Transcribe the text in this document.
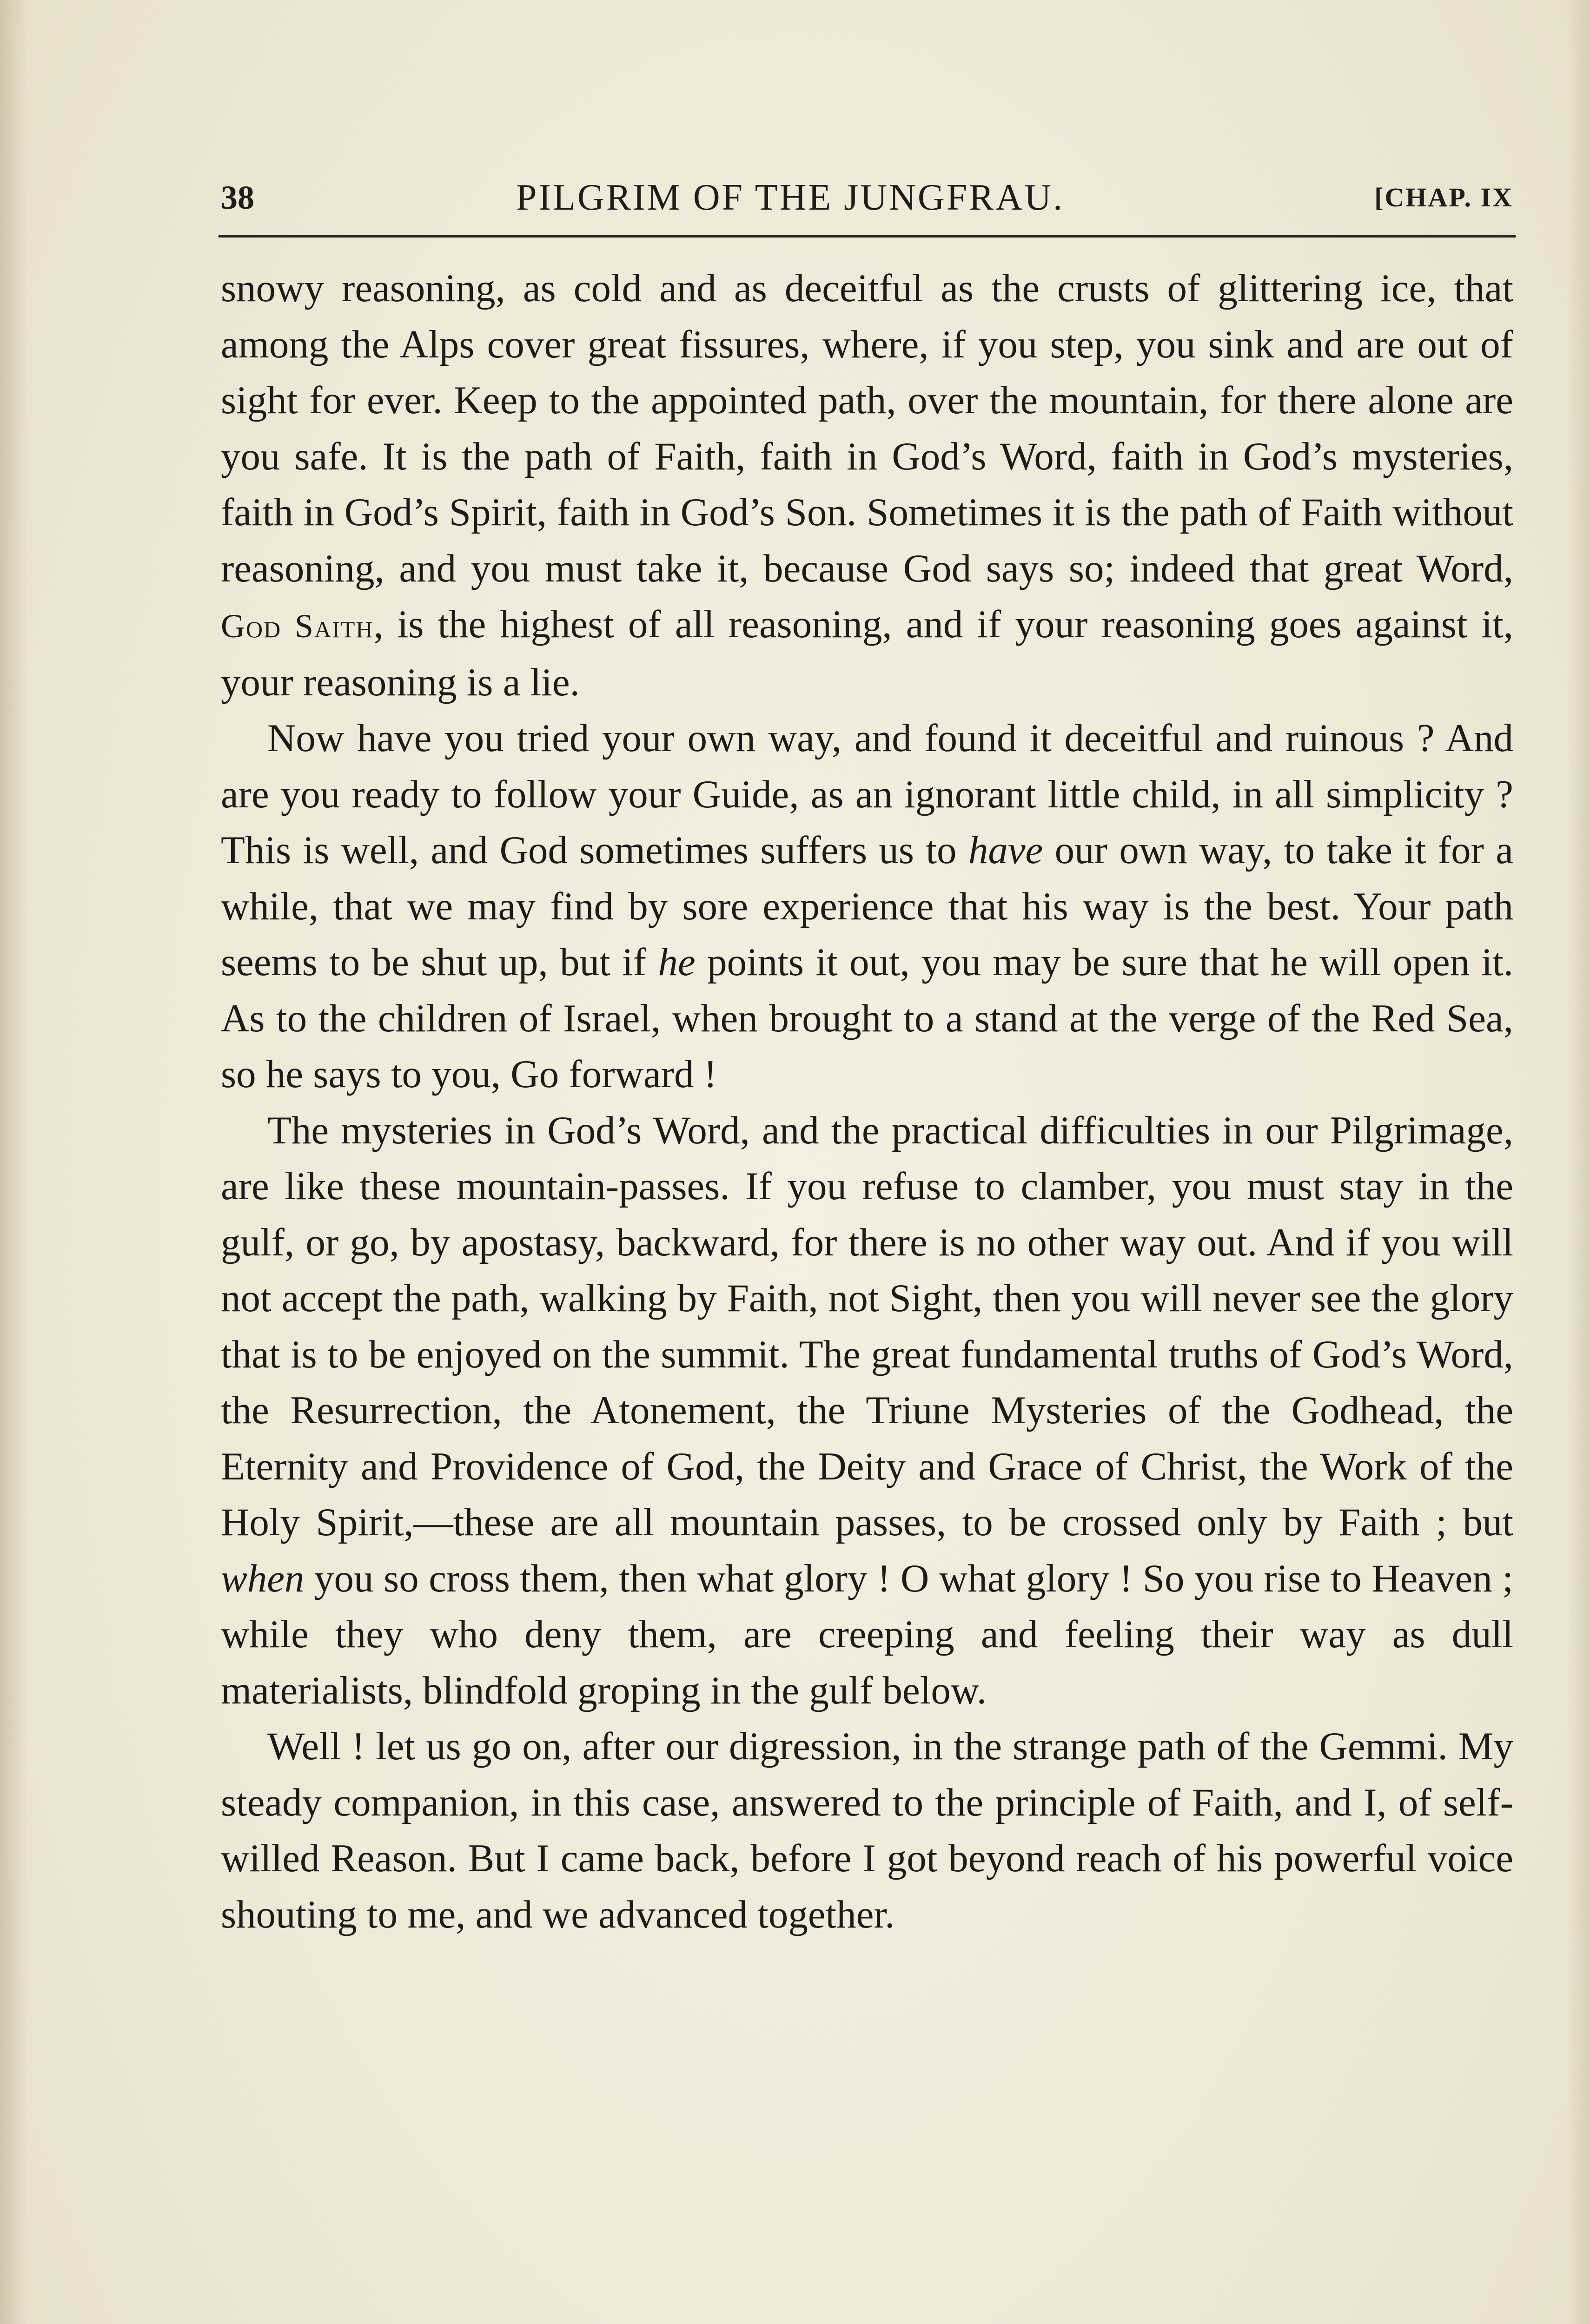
38	PILGRIM OF THE JUNGFRAU.	[CHAP. IX

snowy reasoning, as cold and as deceitful as the crusts of glittering ice, that among the Alps cover great fissures, where, if you step, you sink and are out of sight for ever. Keep to the appointed path, over the mountain, for there alone are you safe. It is the path of Faith, faith in God’s Word, faith in God’s mysteries, faith in God’s Spirit, faith in God’s Son. Sometimes it is the path of Faith without reasoning, and you must take it, because God says so; indeed that great Word, God Saith, is the highest of all reasoning, and if your reasoning goes against it, your reasoning is a lie.

Now have you tried your own way, and found it deceitful and ruinous ? And are you ready to follow your Guide, as an ignorant little child, in all simplicity ? This is well, and God sometimes suffers us to have our own way, to take it for a while, that we may find by sore experience that his way is the best. Your path seems to be shut up, but if he points it out, you may be sure that he will open it. As to the children of Israel, when brought to a stand at the verge of the Red Sea, so he says to you, Go forward !

The mysteries in God’s Word, and the practical difficulties in our Pilgrimage, are like these mountain-passes. If you refuse to clamber, you must stay in the gulf, or go, by apostasy, backward, for there is no other way out. And if you will not accept the path, walking by Faith, not Sight, then you will never see the glory that is to be enjoyed on the summit. The great fundamental truths of God’s Word, the Resurrection, the Atonement, the Triune Mysteries of the Godhead, the Eternity and Providence of God, the Deity and Grace of Christ, the Work of the Holy Spirit,—these are all mountain passes, to be crossed only by Faith ; but when you so cross them, then what glory ! O what glory ! So you rise to Heaven ; while they who deny them, are creeping and feeling their way as dull materialists, blindfold groping in the gulf below.

Well ! let us go on, after our digression, in the strange path of the Gemmi. My steady companion, in this case, answered to the principle of Faith, and I, of self-willed Reason. But I came back, before I got beyond reach of his powerful voice shouting to me, and we advanced together.
